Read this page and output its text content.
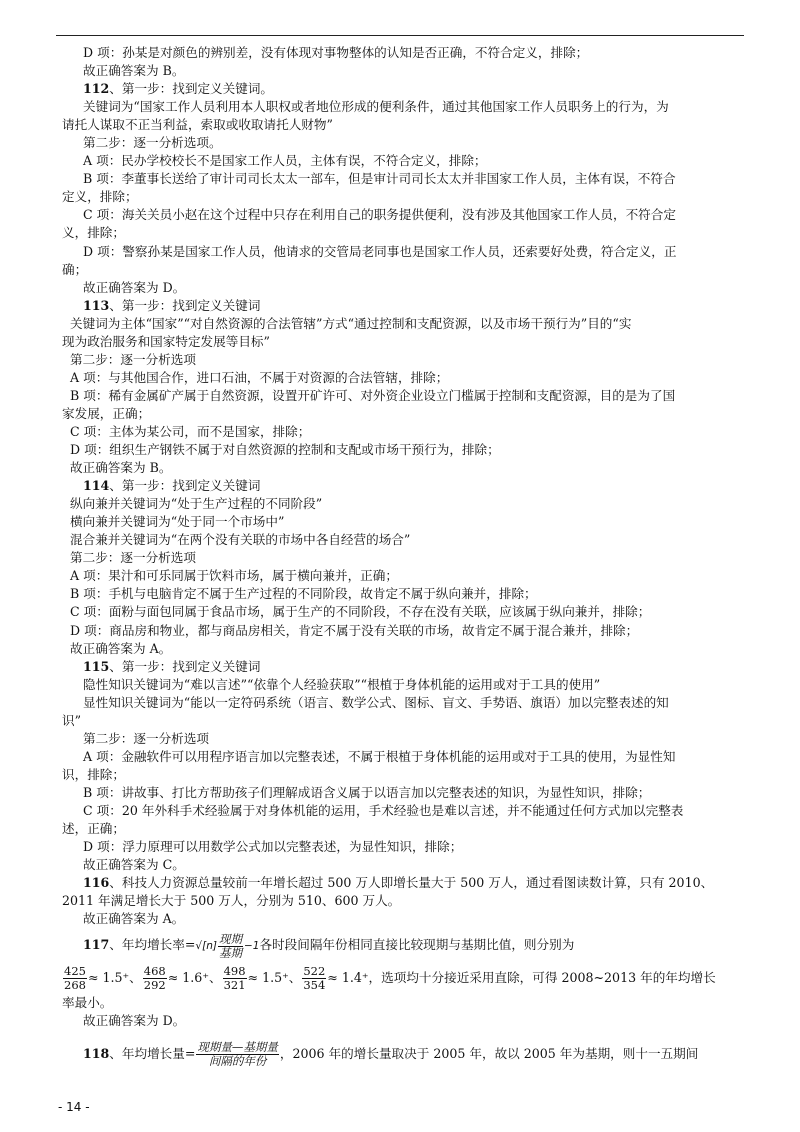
D 项：孙某是对颜色的辨别差，没有体现对事物整体的认知是否正确，不符合定义，排除；
故正确答案为 B。
112、第一步：找到定义关键词。
关键词为“国家工作人员利用本人职权或者地位形成的便利条件，通过其他国家工作人员职务上的行为，为
请托人谋取不正当利益，索取或收取请托人财物”
第二步：逐一分析选项。
A 项：民办学校校长不是国家工作人员，主体有误，不符合定义，排除；
B 项：李董事长送给了审计司司长太太一部车，但是审计司司长太太并非国家工作人员，主体有误，不符合
定义，排除；
C 项：海关关员小赵在这个过程中只存在利用自己的职务提供便利，没有涉及其他国家工作人员，不符合定
义，排除；
D 项：警察孙某是国家工作人员，他请求的交管局老同事也是国家工作人员，还索要好处费，符合定义，正
确；
故正确答案为 D。
113、第一步：找到定义关键词
关键词为主体“国家”“对自然资源的合法管辖”方式“通过控制和支配资源，以及市场干预行为”目的“实
现为政治服务和国家特定发展等目标”
第二步：逐一分析选项
A 项：与其他国合作，进口石油，不属于对资源的合法管辖，排除；
B 项：稀有金属矿产属于自然资源，设置开矿许可、对外资企业设立门槛属于控制和支配资源，目的是为了国
家发展，正确；
C 项：主体为某公司，而不是国家，排除；
D 项：组织生产钢铁不属于对自然资源的控制和支配或市场干预行为，排除；
故正确答案为 B。
114、第一步：找到定义关键词
纵向兼并关键词为“处于生产过程的不同阶段”
横向兼并关键词为“处于同一个市场中”
混合兼并关键词为“在两个没有关联的市场中各自经营的场合”
第二步：逐一分析选项
A 项：果汁和可乐同属于饮料市场，属于横向兼并，正确；
B 项：手机与电脑肯定不属于生产过程的不同阶段，故肯定不属于纵向兼并，排除；
C 项：面粉与面包同属于食品市场，属于生产的不同阶段，不存在没有关联，应该属于纵向兼并，排除；
D 项：商品房和物业，都与商品房相关，肯定不属于没有关联的市场，故肯定不属于混合兼并，排除；
故正确答案为 A。
115、第一步：找到定义关键词
隐性知识关键词为“难以言述”“依靠个人经验获取”“根植于身体机能的运用或对于工具的使用”
显性知识关键词为“能以一定符码系统（语言、数学公式、图标、盲文、手势语、旗语）加以完整表述的知
识”
第二步：逐一分析选项
A 项：金融软件可以用程序语言加以完整表述，不属于根植于身体机能的运用或对于工具的使用，为显性知
识，排除；
B 项：讲故事、打比方帮助孩子们理解成语含义属于以语言加以完整表述的知识，为显性知识，排除；
C 项：20 年外科手术经验属于对身体机能的运用，手术经验也是难以言述，并不能通过任何方式加以完整表
述，正确；
D 项：浮力原理可以用数学公式加以完整表述，为显性知识，排除；
故正确答案为 C。
116、科技人力资源总量较前一年增长超过 500 万人即增长量大于 500 万人，通过看图读数计算，只有 2010、
2011 年满足增长大于 500 万人，分别为 510、600 万人。
故正确答案为 A。
117、年均增长率$=√[n] \frac{\text{现期}}{\text{基期}} -1$各时段间隔年份相同直接比较现期与基期比值，则分别为
$\frac{425}{268} \approx 1.5^+$、 $\frac{468}{292} \approx 1.6^+$、 $\frac{498}{321} \approx 1.5^+$、 $\frac{522}{354} \approx 1.4^+$，选项均十分接近采用直除，可得 2008~2013 年的年均增长
率最小。
故正确答案为 D。
118、年均增长量= $\frac{\text{现期量—基期量}}{\text{间隔的年份}}$ ，2006 年的增长量取决于 2005 年，故以 2005 年为基期，则十一五期间
- 14 -
